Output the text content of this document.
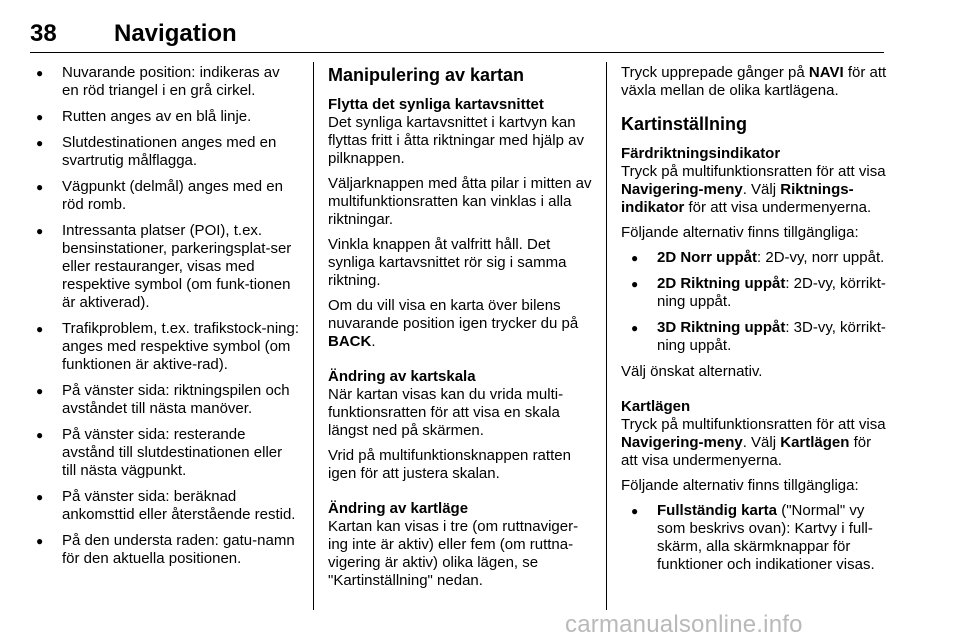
38 Navigation
● Nuvarande position: indikeras av en röd triangel i en grå cirkel.
● Rutten anges av en blå linje.
● Slutdestinationen anges med en svartrutig målflagga.
● Vägpunkt (delmål) anges med en röd romb.
● Intressanta platser (POI), t.ex. bensinstationer, parkeringsplat-ser eller restauranger, visas med respektive symbol (om funk-tionen är aktiverad).
● Trafikproblem, t.ex. trafikstock-ning: anges med respektive symbol (om funktionen är aktive-rad).
● På vänster sida: riktningspilen och avståndet till nästa manöver.
● På vänster sida: resterande avstånd till slutdestinationen eller till nästa vägpunkt.
● På vänster sida: beräknad ankomsttid eller återstående restid.
● På den understa raden: gatu-namn för den aktuella positionen.
Manipulering av kartan
Flytta det synliga kartavsnittet

Det synliga kartavsnittet i kartvyn kan flyttas fritt i åtta riktningar med hjälp av pilknappen.

Väljarknappen med åtta pilar i mitten av multifunktionsratten kan vinklas i alla riktningar.

Vinkla knappen åt valfritt håll. Det synliga kartavsnittet rör sig i samma riktning.

Om du vill visa en karta över bilens nuvarande position igen trycker du på BACK.

Ändring av kartskala

När kartan visas kan du vrida multi-funktionsratten för att visa en skala längst ned på skärmen.

Vrid på multifunktionsknappen ratten igen för att justera skalan.

Ändring av kartläge

Kartan kan visas i tre (om ruttnaviger-ing inte är aktiv) eller fem (om ruttna-vigering är aktiv) olika lägen, se "Kartinställning" nedan.

Tryck upprepade gånger på NAVI för att växla mellan de olika kartlägena.

Kartinställning
Färdriktningsindikator

Tryck på multifunktionsratten för att visa Navigering-meny. Välj Riktnings-indikator för att visa undermenyerna.

Följande alternativ finns tillgängliga:

● 2D Norr uppåt: 2D-vy, norr uppåt.
● 2D Riktning uppåt: 2D-vy, körrikt-ning uppåt.
● 3D Riktning uppåt: 3D-vy, körrikt-ning uppåt.

Välj önskat alternativ.

Kartlägen

Tryck på multifunktionsratten för att visa Navigering-meny. Välj Kartlägen för att visa undermenyerna.

Följande alternativ finns tillgängliga:

● Fullständig karta ("Normal" vy som beskrivs ovan): Kartvy i full-skärm, alla skärmknappar för funktioner och indikationer visas.
carmanualsonline.info
